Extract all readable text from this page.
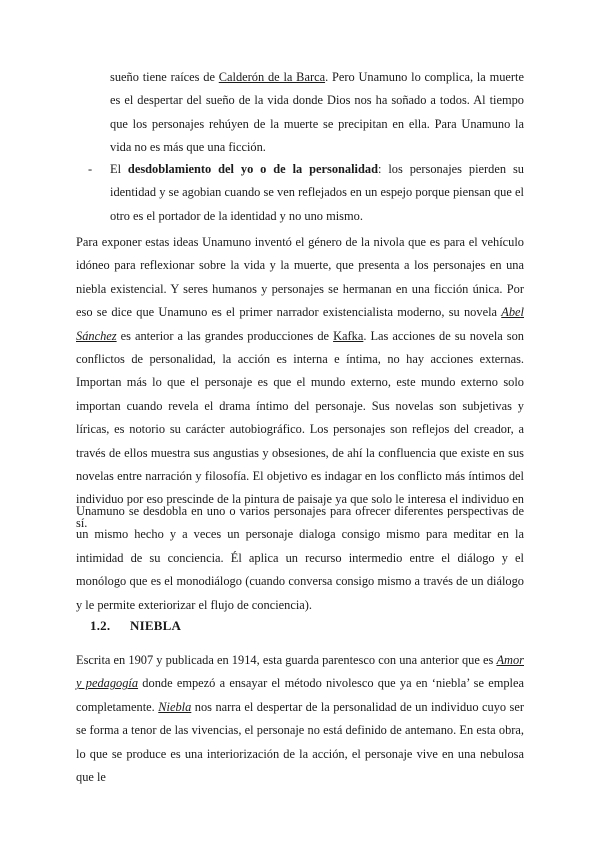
sueño tiene raíces de Calderón de la Barca. Pero Unamuno lo complica, la muerte es el despertar del sueño de la vida donde Dios nos ha soñado a todos. Al tiempo que los personajes rehúyen de la muerte se precipitan en ella. Para Unamuno la vida no es más que una ficción.
- El desdoblamiento del yo o de la personalidad: los personajes pierden su identidad y se agobian cuando se ven reflejados en un espejo porque piensan que el otro es el portador de la identidad y no uno mismo.
Para exponer estas ideas Unamuno inventó el género de la nivola que es para el vehículo idóneo para reflexionar sobre la vida y la muerte, que presenta a los personajes en una niebla existencial. Y seres humanos y personajes se hermanan en una ficción única. Por eso se dice que Unamuno es el primer narrador existencialista moderno, su novela Abel Sánchez es anterior a las grandes producciones de Kafka. Las acciones de su novela son conflictos de personalidad, la acción es interna e íntima, no hay acciones externas. Importan más lo que el personaje es que el mundo externo, este mundo externo solo importan cuando revela el drama íntimo del personaje. Sus novelas son subjetivas y líricas, es notorio su carácter autobiográfico. Los personajes son reflejos del creador, a través de ellos muestra sus angustias y obsesiones, de ahí la confluencia que existe en sus novelas entre narración y filosofía. El objetivo es indagar en los conflicto más íntimos del individuo por eso prescinde de la pintura de paisaje ya que solo le interesa el individuo en sí.
Unamuno se desdobla en uno o varios personajes para ofrecer diferentes perspectivas de un mismo hecho y a veces un personaje dialoga consigo mismo para meditar en la intimidad de su conciencia. Él aplica un recurso intermedio entre el diálogo y el monólogo que es el monodiálogo (cuando conversa consigo mismo a través de un diálogo y le permite exteriorizar el flujo de conciencia).
1.2. NIEBLA
Escrita en 1907 y publicada en 1914, esta guarda parentesco con una anterior que es Amor y pedagogía donde empezó a ensayar el método nivolesco que ya en ‘niebla’ se emplea completamente. Niebla nos narra el despertar de la personalidad de un individuo cuyo ser se forma a tenor de las vivencias, el personaje no está definido de antemano. En esta obra, lo que se produce es una interiorización de la acción, el personaje vive en una nebulosa que le
